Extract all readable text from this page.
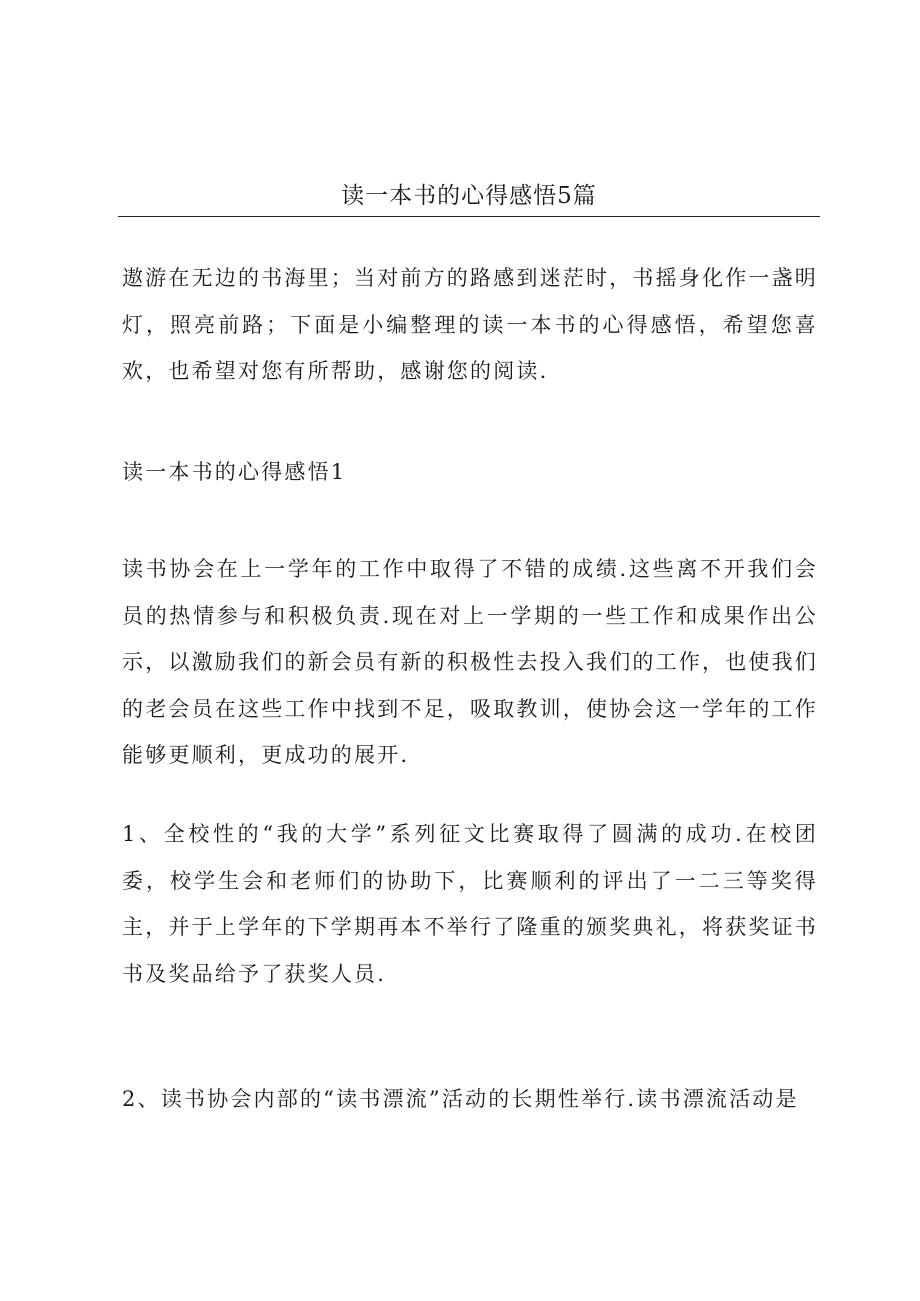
读一本书的心得感悟5篇

遨游在无边的书海里；当对前方的路感到迷茫时，书摇身化作一盏明灯，照亮前路；下面是小编整理的读一本书的心得感悟，希望您喜欢，也希望对您有所帮助，感谢您的阅读.

读一本书的心得感悟1

读书协会在上一学年的工作中取得了不错的成绩.这些离不开我们会员的热情参与和积极负责.现在对上一学期的一些工作和成果作出公示，以激励我们的新会员有新的积极性去投入我们的工作，也使我们的老会员在这些工作中找到不足，吸取教训，使协会这一学年的工作能够更顺利，更成功的展开.

1、全校性的“我的大学”系列征文比赛取得了圆满的成功.在校团委，校学生会和老师们的协助下，比赛顺利的评出了一二三等奖得主，并于上学年的下学期再本不举行了隆重的颁奖典礼，将获奖证书书及奖品给予了获奖人员.

2、读书协会内部的“读书漂流”活动的长期性举行.读书漂流活动是
